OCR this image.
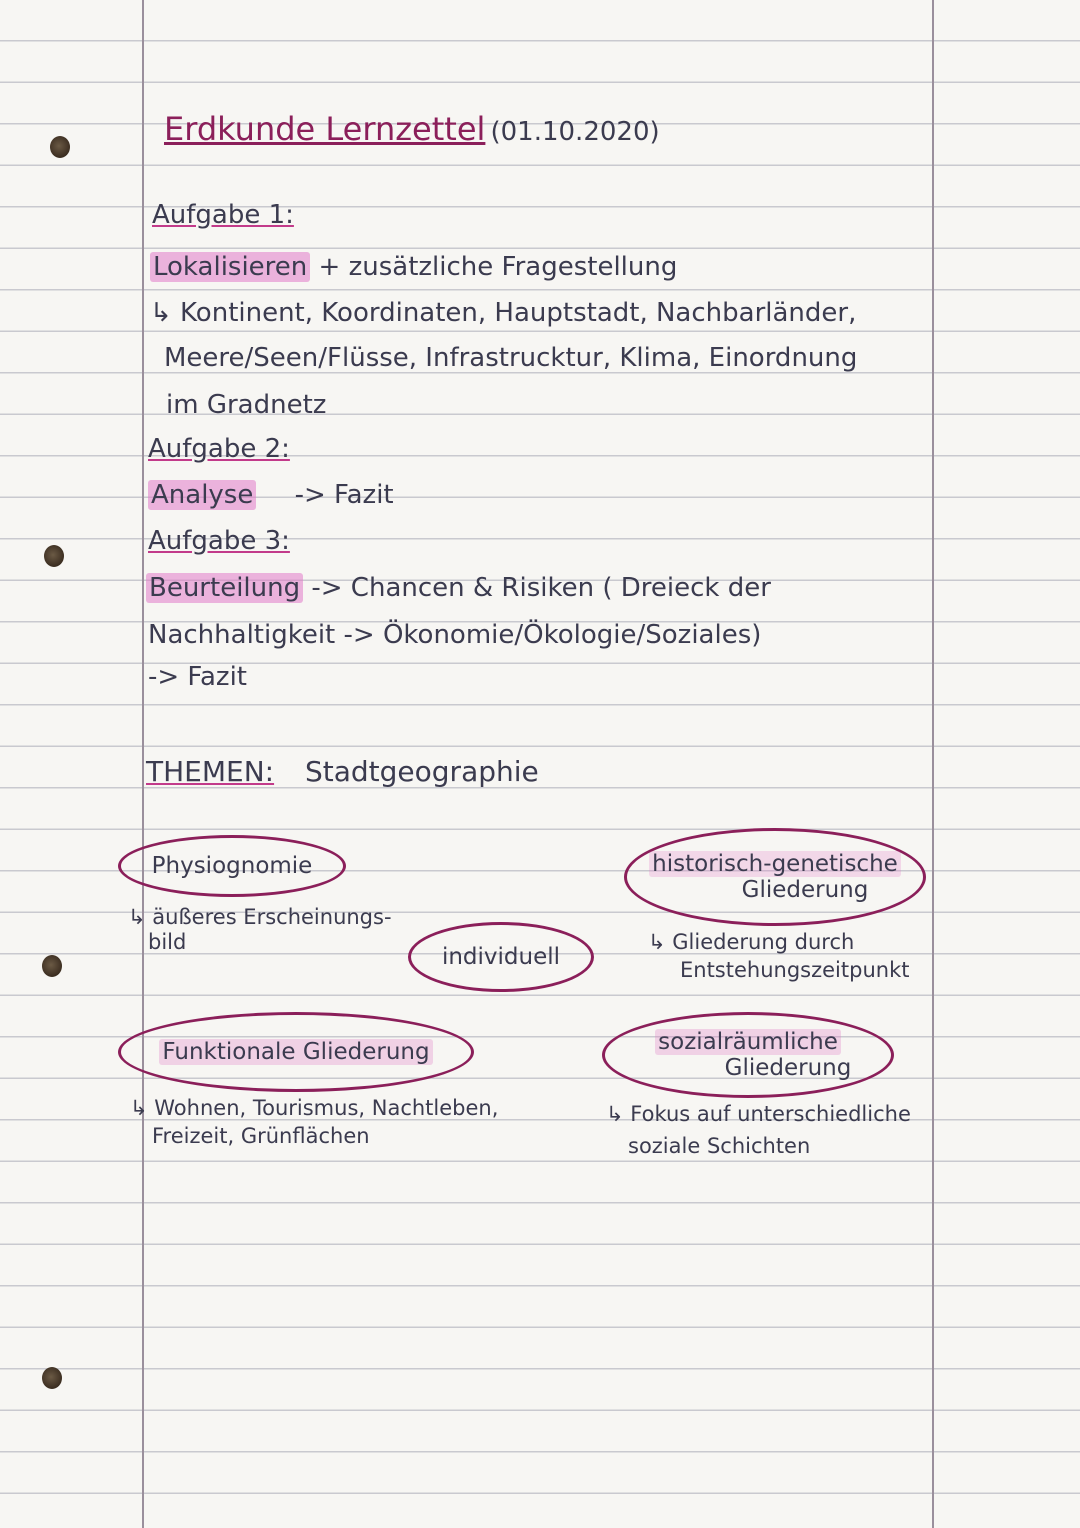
Erdkunde Lernzettel (01.10.2020)
Aufgabe 1:
Lokalisieren + zusätzliche Fragestellung
↳ Kontinent, Koordinaten, Hauptstadt, Nachbarländer,
Meere/Seen/Flüsse, Infrastrucktur, Klima, Einordnung
im Gradnetz
Aufgabe 2:
Analyse -> Fazit
Aufgabe 3:
Beurteilung -> Chancen & Risiken ( Dreieck der
Nachhaltigkeit -> Ökonomie/Ökologie/Soziales)
-> Fazit
THEMEN: Stadtgeographie
Physiognomie
↳ äußeres Erscheinungs-
bild
individuell
historisch-genetische
Gliederung
↳ Gliederung durch
Entstehungszeitpunkt
Funktionale Gliederung
↳ Wohnen, Tourismus, Nachtleben,
Freizeit, Grünflächen
sozialräumliche
Gliederung
↳ Fokus auf unterschiedliche
soziale Schichten
